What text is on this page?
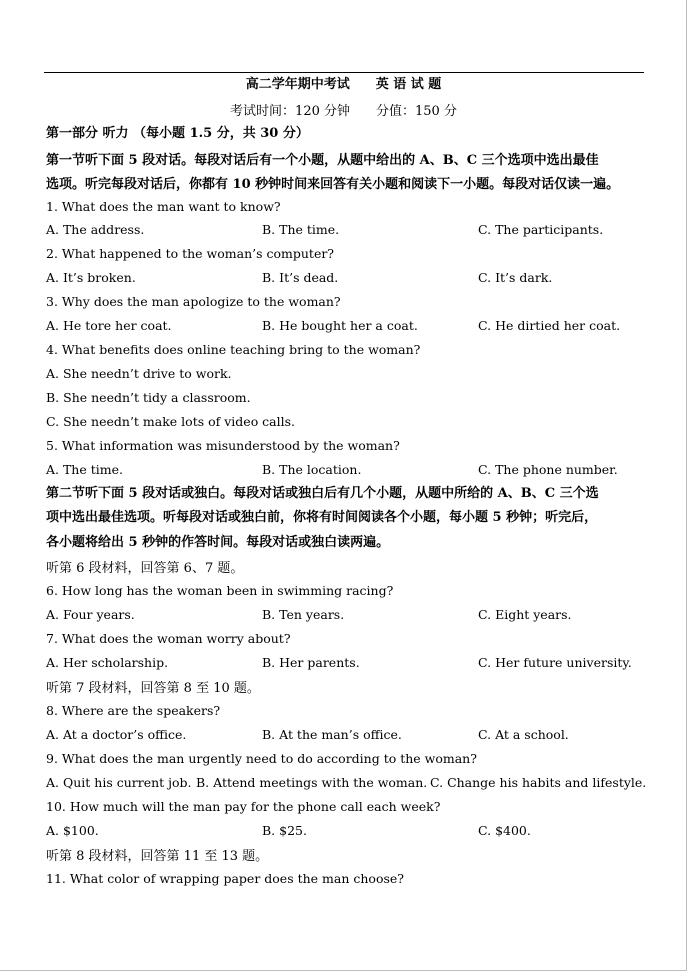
高二学年期中考试　　英 语 试 题
考试时间：120 分钟　　分值：150 分
第一部分 听力 （每小题 1.5 分，共 30 分）
第一节听下面 5 段对话。每段对话后有一个小题，从题中给出的 A、B、C 三个选项中选出最佳
选项。听完每段对话后，你都有 10 秒钟时间来回答有关小题和阅读下一小题。每段对话仅读一遍。
1. What does the man want to know?
A. The address.	B. The time.	C. The participants.
2. What happened to the woman’s computer?
A. It’s broken.	B. It’s dead.	C. It’s dark.
3. Why does the man apologize to the woman?
A. He tore her coat.	B. He bought her a coat.	C. He dirtied her coat.
4. What benefits does online teaching bring to the woman?
A. She needn’t drive to work.
B. She needn’t tidy a classroom.
C. She needn’t make lots of video calls.
5. What information was misunderstood by the woman?
A. The time.	B. The location.	C. The phone number.
第二节听下面 5 段对话或独白。每段对话或独白后有几个小题，从题中所给的 A、B、C 三个选
项中选出最佳选项。听每段对话或独白前，你将有时间阅读各个小题，每小题 5 秒钟；听完后，
各小题将给出 5 秒钟的作答时间。每段对话或独白读两遍。
听第 6 段材料，回答第 6、7 题。
6. How long has the woman been in swimming racing?
A. Four years.	B. Ten years.	C. Eight years.
7. What does the woman worry about?
A. Her scholarship.	B. Her parents.	C. Her future university.
听第 7 段材料，回答第 8 至 10 题。
8. Where are the speakers?
A. At a doctor’s office.	B. At the man’s office.	C. At a school.
9. What does the man urgently need to do according to the woman?
A. Quit his current job. B. Attend meetings with the woman. C. Change his habits and lifestyle.
10. How much will the man pay for the phone call each week?
A. $100.	B. $25.	C. $400.
听第 8 段材料，回答第 11 至 13 题。
11. What color of wrapping paper does the man choose?
